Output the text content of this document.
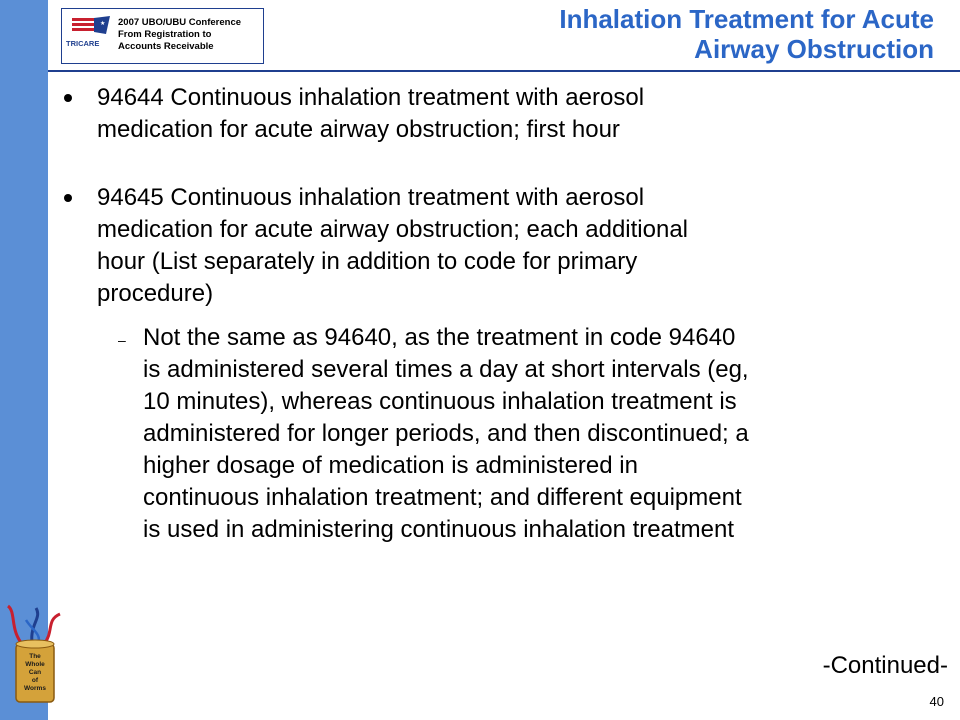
★
TRICARE
2007 UBO/UBU Conference
From Registration to
Accounts Receivable
Inhalation Treatment for Acute
Airway Obstruction
94644 Continuous inhalation treatment with aerosol
medication for acute airway obstruction; first hour
94645 Continuous inhalation treatment with aerosol
medication for acute airway obstruction; each additional
hour (List separately in addition to code for primary
procedure)
– Not the same as 94640, as the treatment in code 94640
is administered several times a day at short intervals (eg,
10 minutes), whereas continuous inhalation treatment is
administered for longer periods, and then discontinued; a
higher dosage of medication is administered in
continuous inhalation treatment; and different equipment
is used in administering continuous inhalation treatment
The
Whole
Can
of
Worms
-Continued-
40
